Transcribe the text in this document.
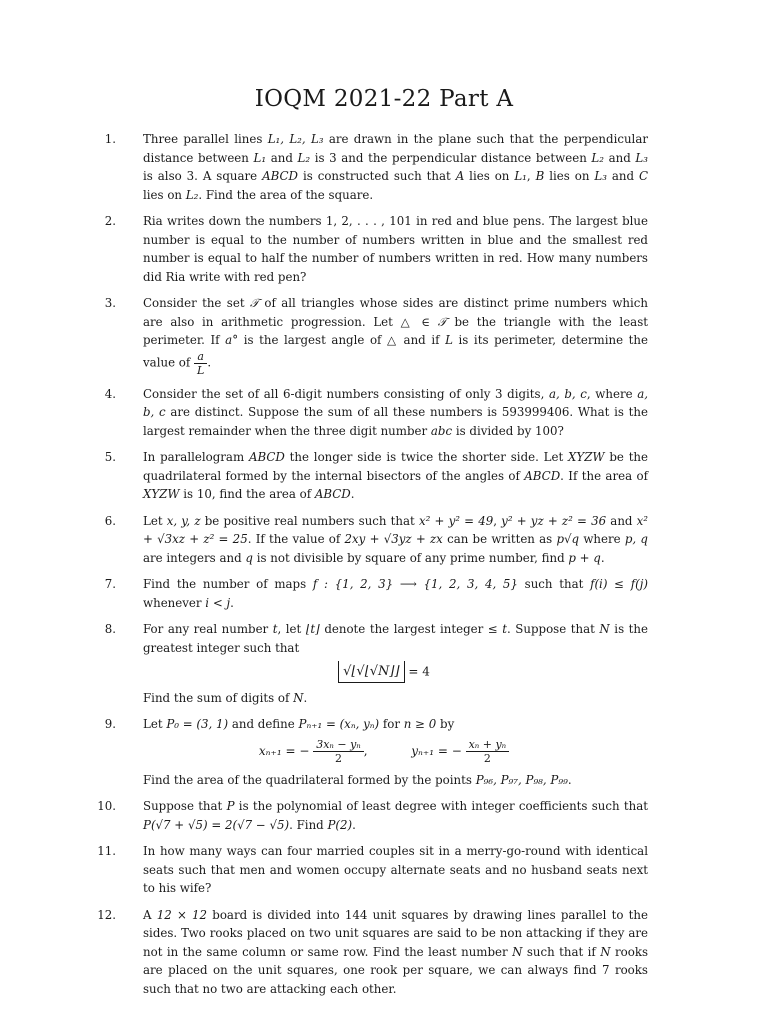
IOQM 2021-22 Part A
1.	Three parallel lines L₁, L₂, L₃ are drawn in the plane such that the perpendicular distance between L₁ and L₂ is 3 and the perpendicular distance between L₂ and L₃ is also 3. A square ABCD is constructed such that A lies on L₁, B lies on L₃ and C lies on L₂. Find the area of the square.
2.	Ria writes down the numbers 1, 2, . . . , 101 in red and blue pens. The largest blue number is equal to the number of numbers written in blue and the smallest red number is equal to half the number of numbers written in red. How many numbers did Ria write with red pen?
3.	Consider the set 𝒯 of all triangles whose sides are distinct prime numbers which are also in arithmetic progression. Let △ ∈ 𝒯 be the triangle with the least perimeter. If a° is the largest angle of △ and if L is its perimeter, determine the value of $\frac{a}{L}$ .
4.	Consider the set of all 6-digit numbers consisting of only 3 digits, a, b, c, where a, b, c are distinct. Suppose the sum of all these numbers is 593999406. What is the largest remainder when the three digit number abc is divided by 100?
5.	In parallelogram ABCD the longer side is twice the shorter side. Let XYZW be the quadrilateral formed by the internal bisectors of the angles of ABCD. If the area of XYZW is 10, find the area of ABCD.
6.	Let x, y, z be positive real numbers such that x² + y² = 49, y² + yz + z² = 36 and x² + √3xz + z² = 25. If the value of 2xy + √3yz + zx can be written as p√q where p, q are integers and q is not divisible by square of any prime number, find p + q.
7.	Find the number of maps f : {1, 2, 3} ⟶ {1, 2, 3, 4, 5} such that f(i) ≤ f(j) whenever i < j.
8.	For any real number t, let ⌊t⌋ denote the largest integer ≤ t. Suppose that N is the greatest integer such that
√⌊√⌊√N⌋⌋ = 4
Find the sum of digits of N.
9.	Let P₀ = (3, 1) and define Pₙ₊₁ = (xₙ, yₙ) for n ≥ 0 by
xₙ₊₁ = − $\frac{\text{3xₙ − yₙ}}{2}$ ,	yₙ₊₁ = − $\frac{\text{xₙ + yₙ}}{2}$
Find the area of the quadrilateral formed by the points P₉₆, P₉₇, P₉₈, P₉₉.
10.	Suppose that P is the polynomial of least degree with integer coefficients such that P(√7 + √5) = 2(√7 − √5). Find P(2).
11.	In how many ways can four married couples sit in a merry-go-round with identical seats such that men and women occupy alternate seats and no husband seats next to his wife?
12.	A 12 × 12 board is divided into 144 unit squares by drawing lines parallel to the sides. Two rooks placed on two unit squares are said to be non attacking if they are not in the same column or same row. Find the least number N such that if N rooks are placed on the unit squares, one rook per square, we can always find 7 rooks such that no two are attacking each other.
